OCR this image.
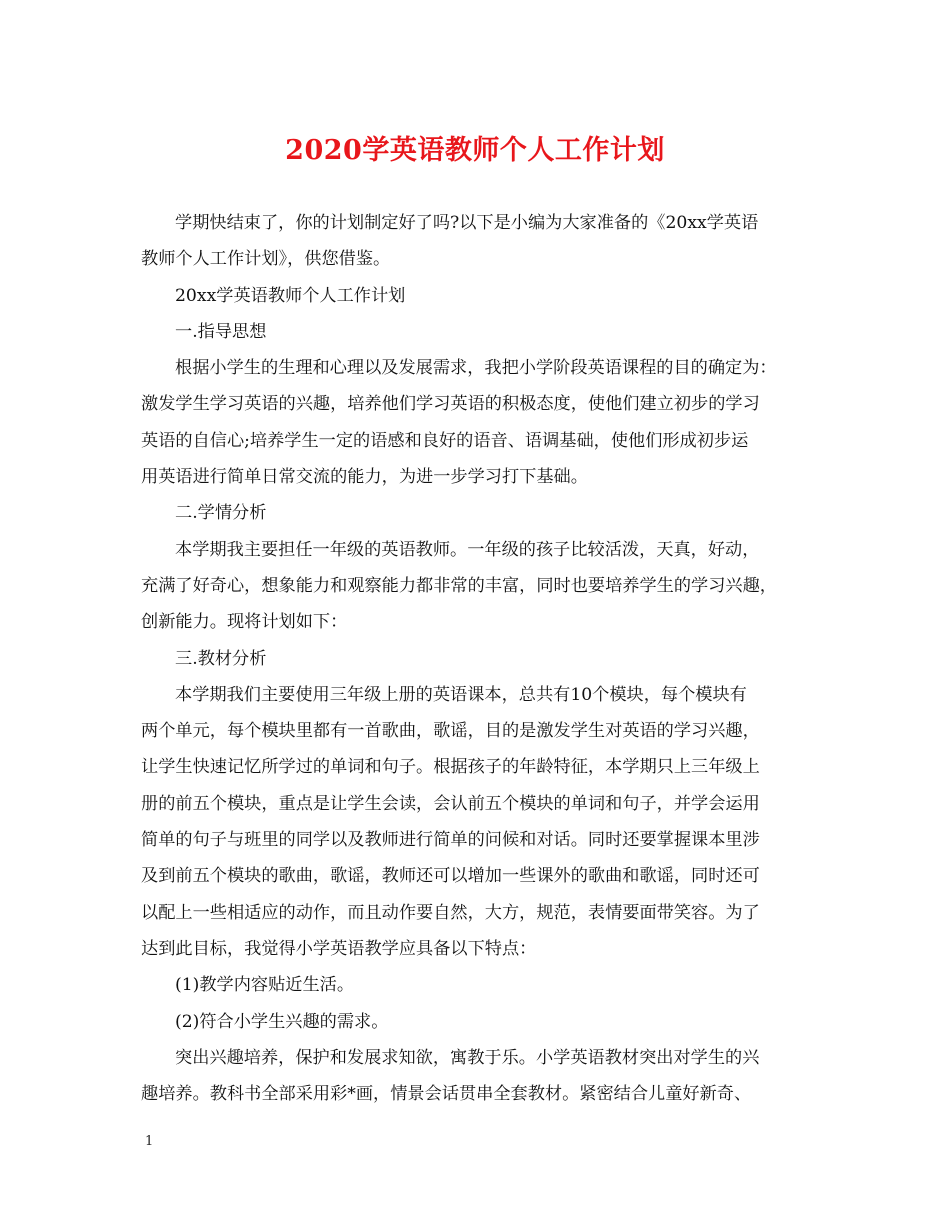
2020学英语教师个人工作计划
学期快结束了，你的计划制定好了吗?以下是小编为大家准备的《20xx学英语
教师个人工作计划》，供您借鉴。
20xx学英语教师个人工作计划
一.指导思想
根据小学生的生理和心理以及发展需求，我把小学阶段英语课程的目的确定为：
激发学生学习英语的兴趣，培养他们学习英语的积极态度，使他们建立初步的学习
英语的自信心;培养学生一定的语感和良好的语音、语调基础，使他们形成初步运
用英语进行简单日常交流的能力，为进一步学习打下基础。
二.学情分析
本学期我主要担任一年级的英语教师。一年级的孩子比较活泼，天真，好动，
充满了好奇心，想象能力和观察能力都非常的丰富，同时也要培养学生的学习兴趣，
创新能力。现将计划如下：
三.教材分析
本学期我们主要使用三年级上册的英语课本，总共有10个模块，每个模块有
两个单元，每个模块里都有一首歌曲，歌谣，目的是激发学生对英语的学习兴趣，
让学生快速记忆所学过的单词和句子。根据孩子的年龄特征，本学期只上三年级上
册的前五个模块，重点是让学生会读，会认前五个模块的单词和句子，并学会运用
简单的句子与班里的同学以及教师进行简单的问候和对话。同时还要掌握课本里涉
及到前五个模块的歌曲，歌谣，教师还可以增加一些课外的歌曲和歌谣，同时还可
以配上一些相适应的动作，而且动作要自然，大方，规范，表情要面带笑容。为了
达到此目标，我觉得小学英语教学应具备以下特点：
(1)教学内容贴近生活。
(2)符合小学生兴趣的需求。
突出兴趣培养，保护和发展求知欲，寓教于乐。小学英语教材突出对学生的兴
趣培养。教科书全部采用彩*画，情景会话贯串全套教材。紧密结合儿童好新奇、
1
